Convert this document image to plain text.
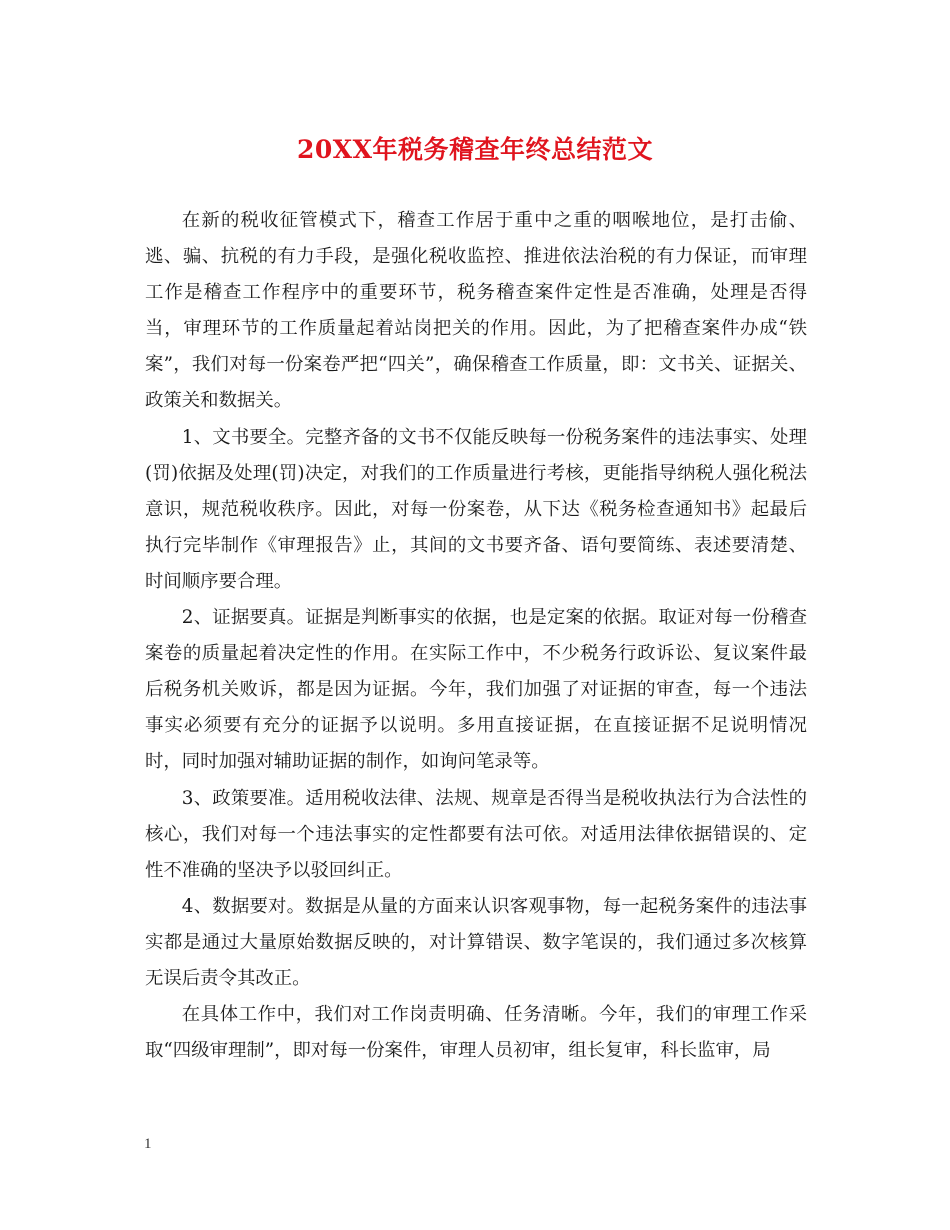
20XX年税务稽查年终总结范文

在新的税收征管模式下，稽查工作居于重中之重的咽喉地位，是打击偷、逃、骗、抗税的有力手段，是强化税收监控、推进依法治税的有力保证，而审理工作是稽查工作程序中的重要环节，税务稽查案件定性是否准确，处理是否得当，审理环节的工作质量起着站岗把关的作用。因此，为了把稽查案件办成“铁案”，我们对每一份案卷严把“四关”，确保稽查工作质量，即：文书关、证据关、政策关和数据关。

1、文书要全。完整齐备的文书不仅能反映每一份税务案件的违法事实、处理(罚)依据及处理(罚)决定，对我们的工作质量进行考核，更能指导纳税人强化税法意识，规范税收秩序。因此，对每一份案卷，从下达《税务检查通知书》起最后执行完毕制作《审理报告》止，其间的文书要齐备、语句要简练、表述要清楚、时间顺序要合理。

2、证据要真。证据是判断事实的依据，也是定案的依据。取证对每一份稽查案卷的质量起着决定性的作用。在实际工作中，不少税务行政诉讼、复议案件最后税务机关败诉，都是因为证据。今年，我们加强了对证据的审查，每一个违法事实必须要有充分的证据予以说明。多用直接证据，在直接证据不足说明情况时，同时加强对辅助证据的制作，如询问笔录等。

3、政策要准。适用税收法律、法规、规章是否得当是税收执法行为合法性的核心，我们对每一个违法事实的定性都要有法可依。对适用法律依据错误的、定性不准确的坚决予以驳回纠正。

4、数据要对。数据是从量的方面来认识客观事物，每一起税务案件的违法事实都是通过大量原始数据反映的，对计算错误、数字笔误的，我们通过多次核算无误后责令其改正。

在具体工作中，我们对工作岗责明确、任务清晰。今年，我们的审理工作采取“四级审理制”，即对每一份案件，审理人员初审，组长复审，科长监审，局

1
